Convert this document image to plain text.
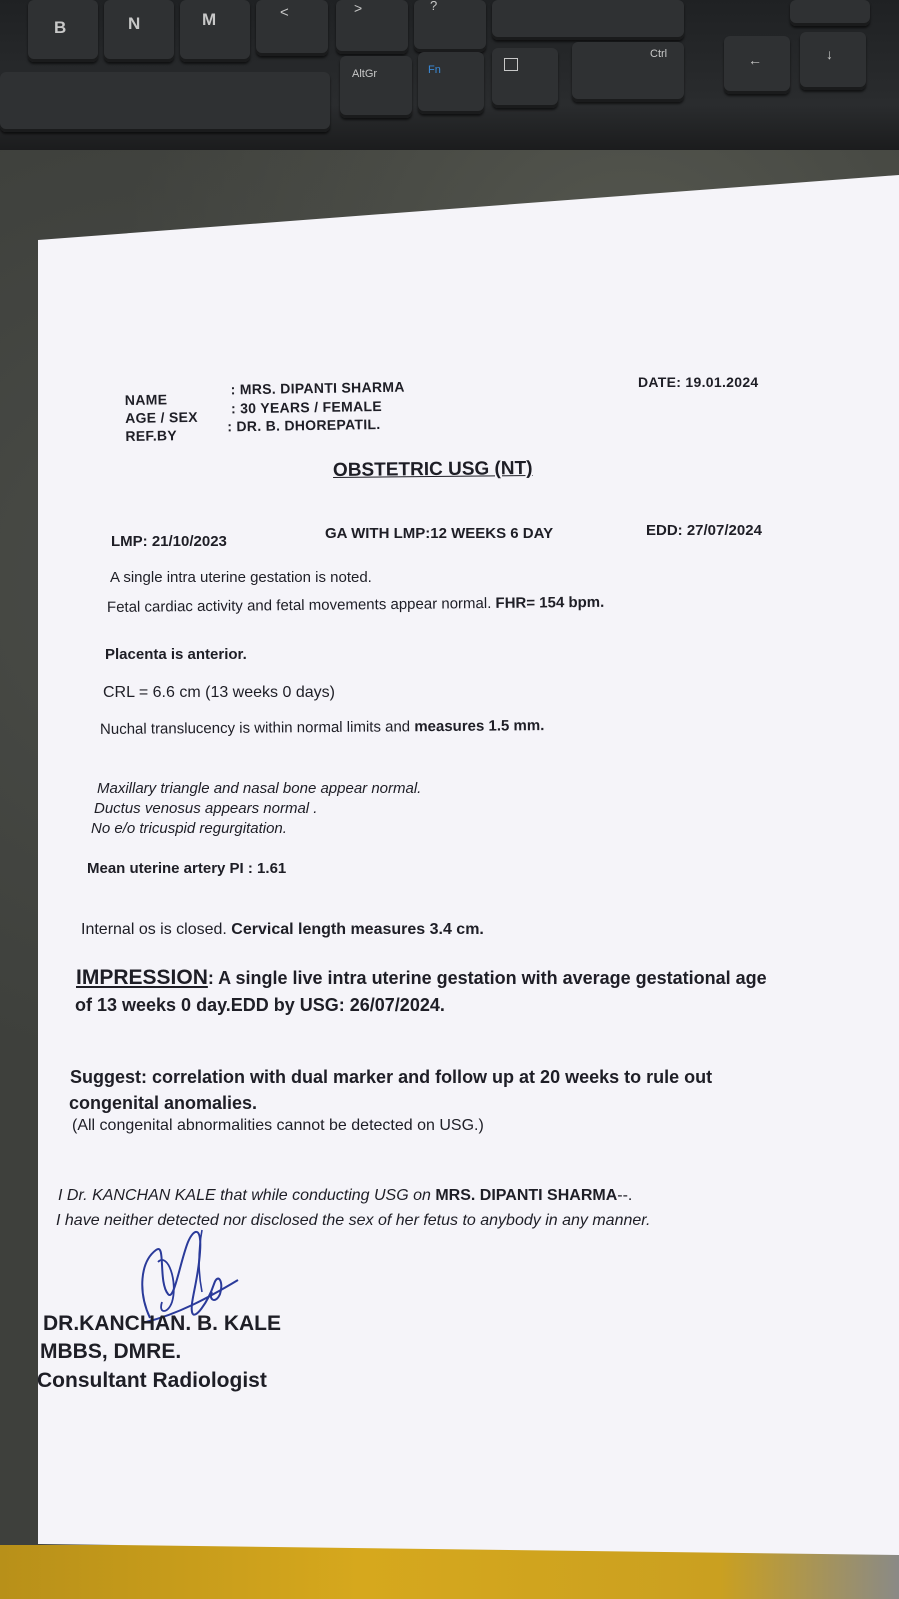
B	N	M	<	>	?
AltGr	Fn
Ctrl	←	↓
NAME
: MRS. DIPANTI SHARMA
AGE / SEX
: 30 YEARS / FEMALE
REF.BY
: DR. B. DHOREPATIL.
DATE: 19.01.2024
OBSTETRIC USG (NT)
LMP: 21/10/2023	GA WITH LMP:12 WEEKS 6 DAY	EDD: 27/07/2024
A single intra uterine gestation is noted.
Fetal cardiac activity and fetal movements appear normal. FHR= 154 bpm.
Placenta is anterior.
CRL = 6.6 cm (13 weeks 0 days)
Nuchal translucency is within normal limits and measures 1.5 mm.
Maxillary triangle and nasal bone appear normal.
Ductus venosus appears normal .
No e/o tricuspid regurgitation.
Mean uterine artery PI : 1.61
Internal os is closed. Cervical length measures 3.4 cm.
IMPRESSION: A single live intra uterine gestation with average gestational age
of 13 weeks 0 day.EDD by USG: 26/07/2024.
Suggest: correlation with dual marker and follow up at 20 weeks to rule out
congenital anomalies.
(All congenital abnormalities cannot be detected on USG.)
I Dr. KANCHAN KALE that while conducting USG on MRS. DIPANTI SHARMA--.
I have neither detected nor disclosed the sex of her fetus to anybody in any manner.
DR.KANCHAN. B. KALE
MBBS, DMRE.
Consultant Radiologist
